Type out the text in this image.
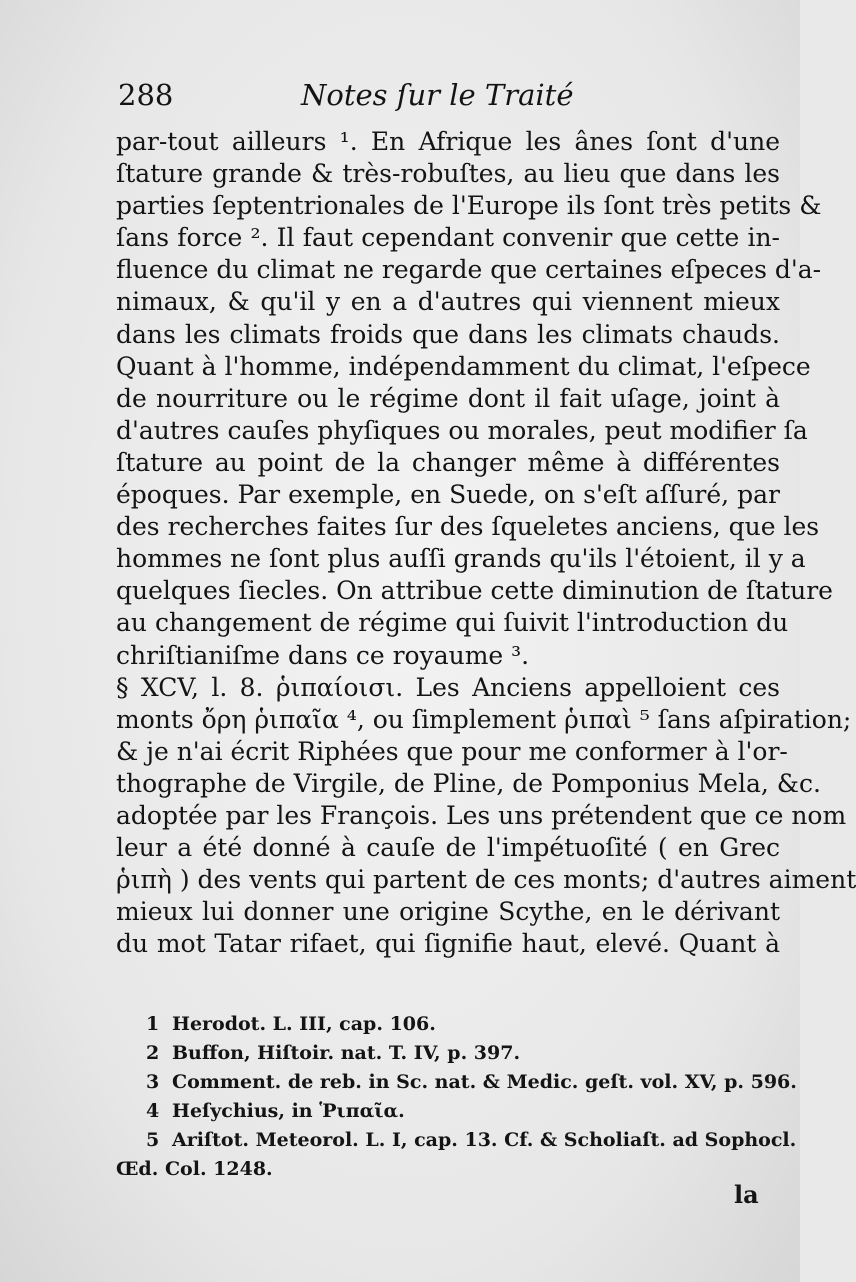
288	Notes ſur le Traité
par-tout ailleurs ¹. En Afrique les ânes ſont d'une
ſtature grande & très-robuſtes, au lieu que dans les
parties ſeptentrionales de l'Europe ils ſont très petits &
ſans force ². Il faut cependant convenir que cette in-
fluence du climat ne regarde que certaines eſpeces d'a-
nimaux, & qu'il y en a d'autres qui viennent mieux
dans les climats froids que dans les climats chauds.
Quant à l'homme, indépendamment du climat, l'eſpece
de nourriture ou le régime dont il fait uſage, joint à
d'autres cauſes phyſiques ou morales, peut modifier ſa
ſtature au point de la changer même à différentes
époques. Par exemple, en Suede, on s'eſt aſſuré, par
des recherches faites ſur des ſqueletes anciens, que les
hommes ne ſont plus auſſi grands qu'ils l'étoient, il y a
quelques ſiecles. On attribue cette diminution de ſtature
au changement de régime qui ſuivit l'introduction du
chriſtianiſme dans ce royaume ³.
§ XCV, l. 8. ῥιπαίοισι. Les Anciens appelloient ces
monts ὄρη ῥιπαῖα ⁴, ou ſimplement ῥιπαὶ ⁵ ſans aſpiration;
& je n'ai écrit Riphées que pour me conformer à l'or-
thographe de Virgile, de Pline, de Pomponius Mela, &c.
adoptée par les François. Les uns prétendent que ce nom
leur a été donné à cauſe de l'impétuoſité ( en Grec
ῥιπὴ ) des vents qui partent de ces monts; d'autres aiment
mieux lui donner une origine Scythe, en le dérivant
du mot Tatar rifaet, qui ſignifie haut, elevé. Quant à
1 Herodot. L. III, cap. 106.
2 Buffon, Hiſtoir. nat. T. IV, p. 397.
3 Comment. de reb. in Sc. nat. & Medic. geſt. vol. XV, p. 596.
4 Heſychius, in Ῥιπαῖα.
5 Ariſtot. Meteorol. L. I, cap. 13. Cf. & Scholiaſt. ad Sophocl.
Œd. Col. 1248.
la
